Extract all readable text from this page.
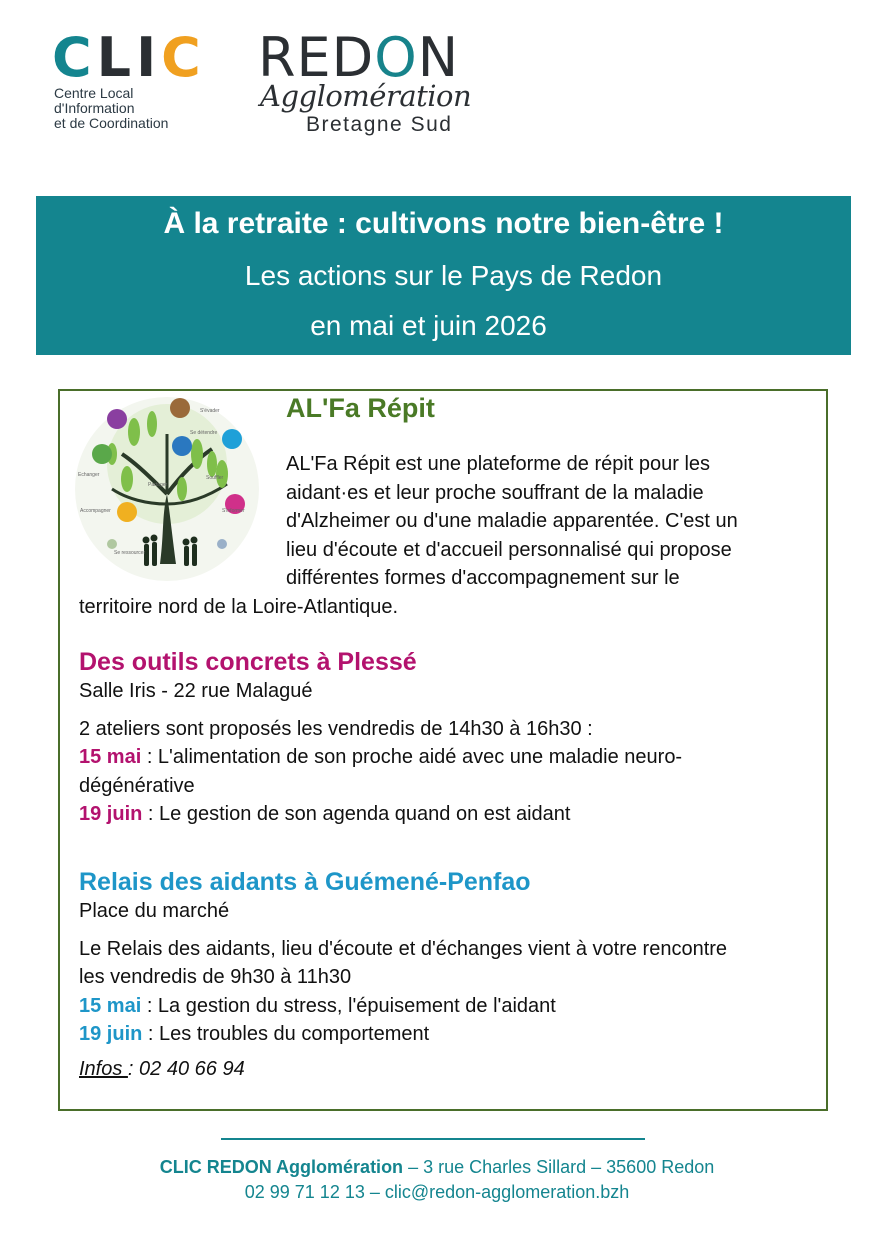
C L I C
Centre Local
d'Information
et de Coordination
REDON
Agglomération
Bretagne Sud
À la retraite : cultivons notre bien-être !
Les actions sur le Pays de Redon
en mai et juin 2026
S'informer
Se ressourcer
Se détendre
Partager
Echanger	Souffler
S'évader
Accompagner
AL'Fa Répit
AL'Fa Répit est une plateforme de répit pour les
aidant·es et leur proche souffrant de la maladie
d'Alzheimer ou d'une maladie apparentée. C'est un
lieu d'écoute et d'accueil personnalisé qui propose
différentes formes d'accompagnement sur le
territoire nord de la Loire-Atlantique.
Des outils concrets à Plessé
Salle Iris - 22 rue Malagué
2 ateliers sont proposés les vendredis de 14h30 à 16h30 :
15 mai : L'alimentation de son proche aidé avec une maladie neuro-
dégénérative
19 juin : Le gestion de son agenda quand on est aidant
Relais des aidants à Guémené-Penfao
Place du marché
Le Relais des aidants, lieu d'écoute et d'échanges vient à votre rencontre
les vendredis de 9h30 à 11h30
15 mai : La gestion du stress, l'épuisement de l'aidant
19 juin : Les troubles du comportement
Infos : 02 40 66 94
CLIC REDON Agglomération – 3 rue Charles Sillard – 35600 Redon
02 99 71 12 13 – clic@redon-agglomeration.bzh
